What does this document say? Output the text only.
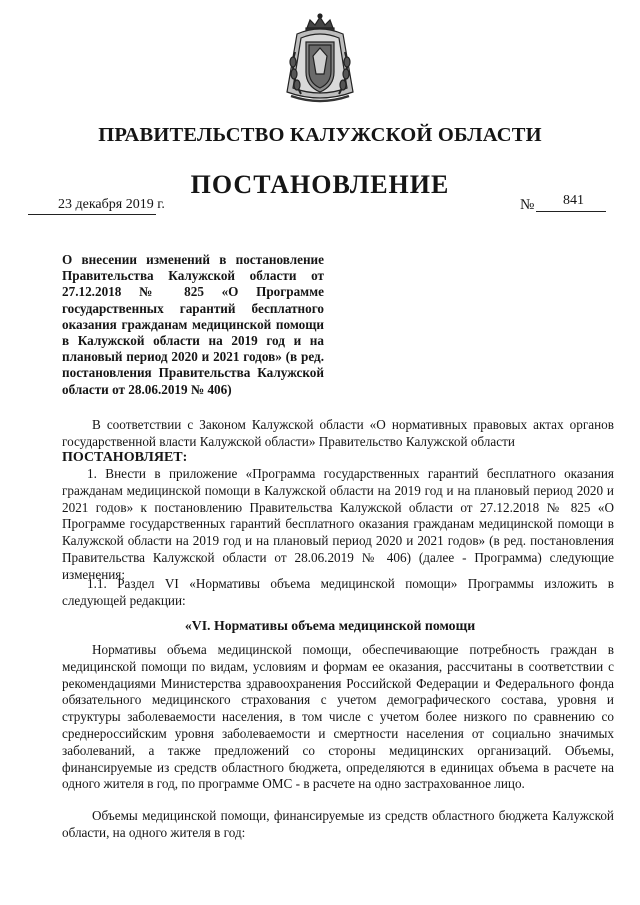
ПРАВИТЕЛЬСТВО КАЛУЖСКОЙ ОБЛАСТИ
ПОСТАНОВЛЕНИЕ
23 декабря 2019 г.	№ 841
О внесении изменений в постановление Правительства Калужской области от 27.12.2018 № 825 «О Программе государственных гарантий бесплатного оказания гражданам медицинской помощи в Калужской области на 2019 год и на плановый период 2020 и 2021 годов» (в ред. постановления Правительства Калужской области от 28.06.2019 № 406)
В соответствии с Законом Калужской области «О нормативных правовых актах органов государственной власти Калужской области» Правительство Калужской области
ПОСТАНОВЛЯЕТ:
1. Внести в приложение «Программа государственных гарантий бесплатного оказания гражданам медицинской помощи в Калужской области на 2019 год и на плановый период 2020 и 2021 годов» к постановлению Правительства Калужской области от 27.12.2018 № 825 «О Программе государственных гарантий бесплатного оказания гражданам медицинской помощи в Калужской области на 2019 год и на плановый период 2020 и 2021 годов» (в ред. постановления Правительства Калужской области от 28.06.2019 № 406) (далее - Программа) следующие изменения:
1.1. Раздел VI «Нормативы объема медицинской помощи» Программы изложить в следующей редакции:
«VI. Нормативы объема медицинской помощи
Нормативы объема медицинской помощи, обеспечивающие потребность граждан в медицинской помощи по видам, условиям и формам ее оказания, рассчитаны в соответствии с рекомендациями Министерства здравоохранения Российской Федерации и Федерального фонда обязательного медицинского страхования с учетом демографического состава, уровня и структуры заболеваемости населения, в том числе с учетом более низкого по сравнению со среднероссийским уровня заболеваемости и смертности населения от социально значимых заболеваний, а также предложений со стороны медицинских организаций. Объемы, финансируемые из средств областного бюджета, определяются в единицах объема в расчете на одного жителя в год, по программе ОМС - в расчете на одно застрахованное лицо.
Объемы медицинской помощи, финансируемые из средств областного бюджета Калужской области, на одного жителя в год:
